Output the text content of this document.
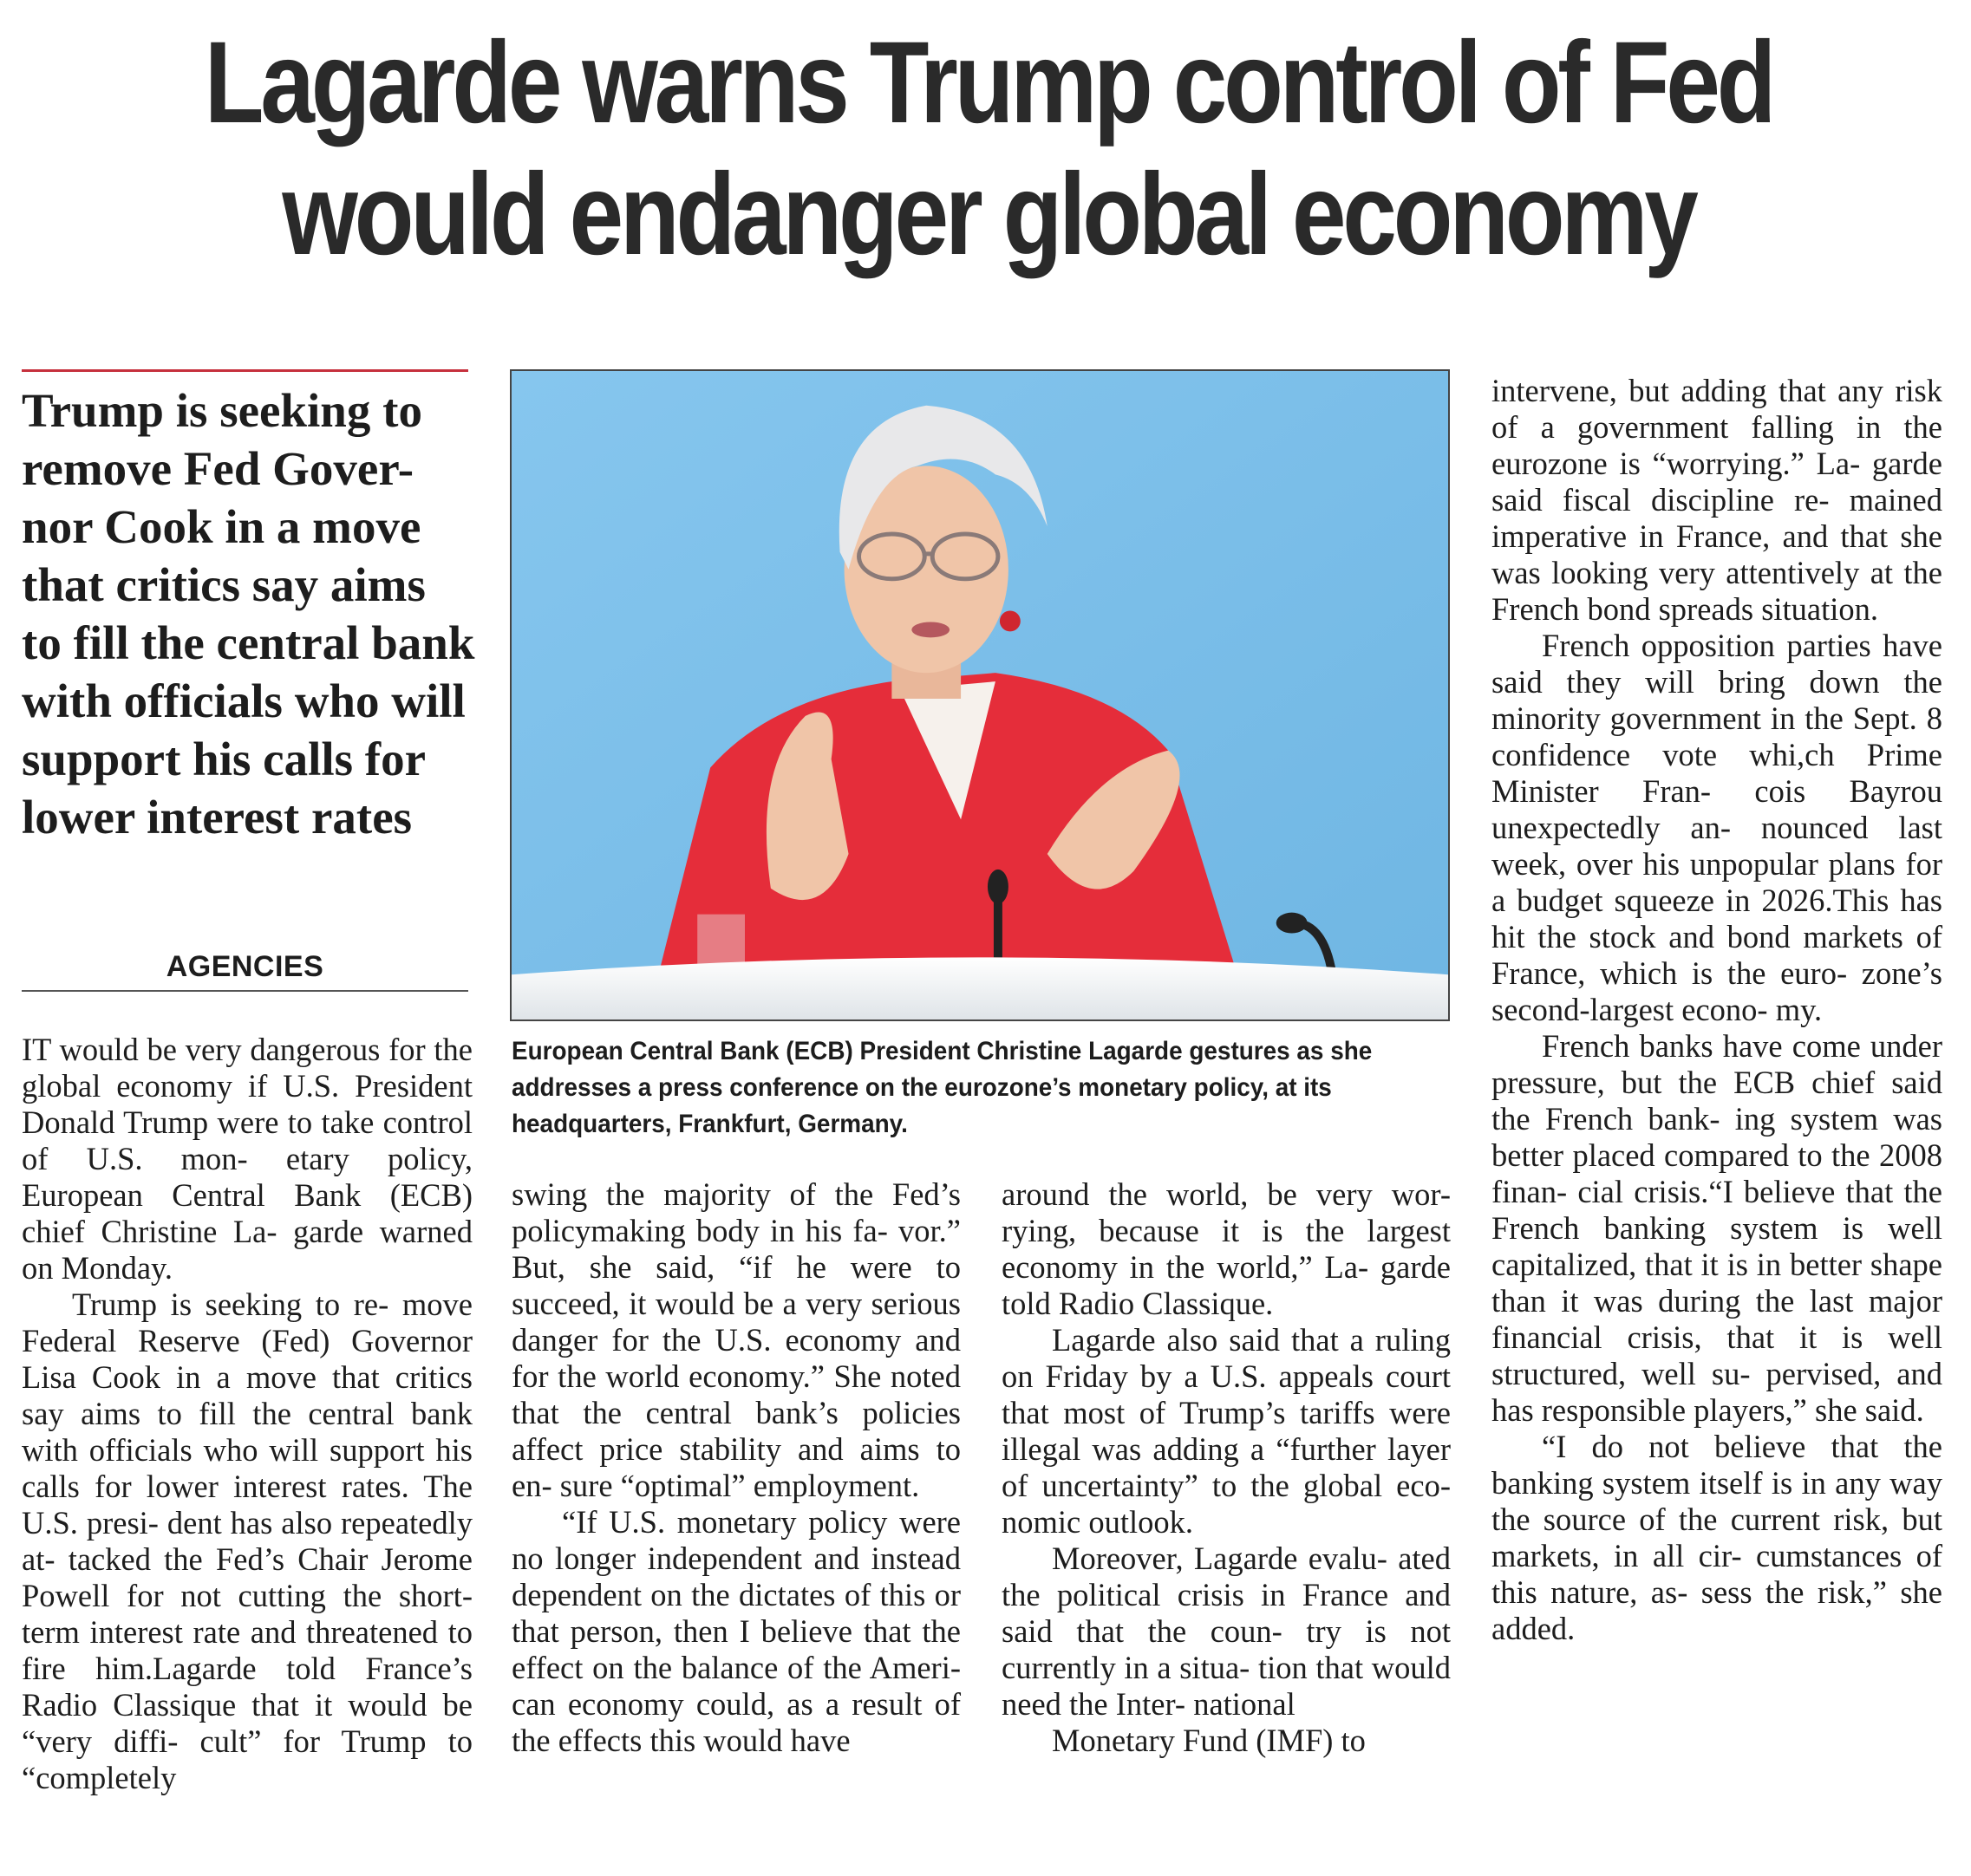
Lagarde warns Trump control of Fed
would endanger global economy

Trump is seeking to remove Fed Gover- nor Cook in a move that critics say aims to fill the central bank with officials who will support his calls for lower interest rates

AGENCIES

European Central Bank (ECB) President Christine Lagarde gestures as she addresses a press conference on the eurozone’s monetary policy, at its headquarters, Frankfurt, Germany.

IT would be very dangerous for the global economy if U.S. President Donald Trump were to take control of U.S. mon- etary policy, European Central Bank (ECB) chief Christine La- garde warned on Monday.

Trump is seeking to re- move Federal Reserve (Fed) Governor Lisa Cook in a move that critics say aims to fill the central bank with officials who will support his calls for lower interest rates. The U.S. presi- dent has also repeatedly at- tacked the Fed’s Chair Jerome Powell for not cutting the short-term interest rate and threatened to fire him.Lagarde told France’s Radio Classique that it would be “very diffi- cult” for Trump to “completely

swing the majority of the Fed’s policymaking body in his fa- vor.” But, she said, “if he were to succeed, it would be a very serious danger for the U.S. economy and for the world economy.” She noted that the central bank’s policies affect price stability and aims to en- sure “optimal” employment.

“If U.S. monetary policy were no longer independent and instead dependent on the dictates of this or that person, then I believe that the effect on the balance of the Ameri- can economy could, as a result of the effects this would have

around the world, be very wor- rying, because it is the largest economy in the world,” La- garde told Radio Classique.

Lagarde also said that a ruling on Friday by a U.S. appeals court that most of Trump’s tariffs were illegal was adding a “further layer of uncertainty” to the global eco- nomic outlook.

Moreover, Lagarde evalu- ated the political crisis in France and said that the coun- try is not currently in a situa- tion that would need the Inter- national

Monetary Fund (IMF) to

intervene, but adding that any risk of a government falling in the eurozone is “worrying.” La- garde said fiscal discipline re- mained imperative in France, and that she was looking very attentively at the French bond spreads situation.

French opposition parties have said they will bring down the minority government in the Sept. 8 confidence vote whi,ch Prime Minister Fran- cois Bayrou unexpectedly an- nounced last week, over his unpopular plans for a budget squeeze in 2026.This has hit the stock and bond markets of France, which is the euro- zone’s second-largest econo- my.

French banks have come under pressure, but the ECB chief said the French bank- ing system was better placed compared to the 2008 finan- cial crisis.“I believe that the French banking system is well capitalized, that it is in better shape than it was during the last major financial crisis, that it is well structured, well su- pervised, and has responsible players,” she said.

“I do not believe that the banking system itself is in any way the source of the current risk, but markets, in all cir- cumstances of this nature, as- sess the risk,” she added.
